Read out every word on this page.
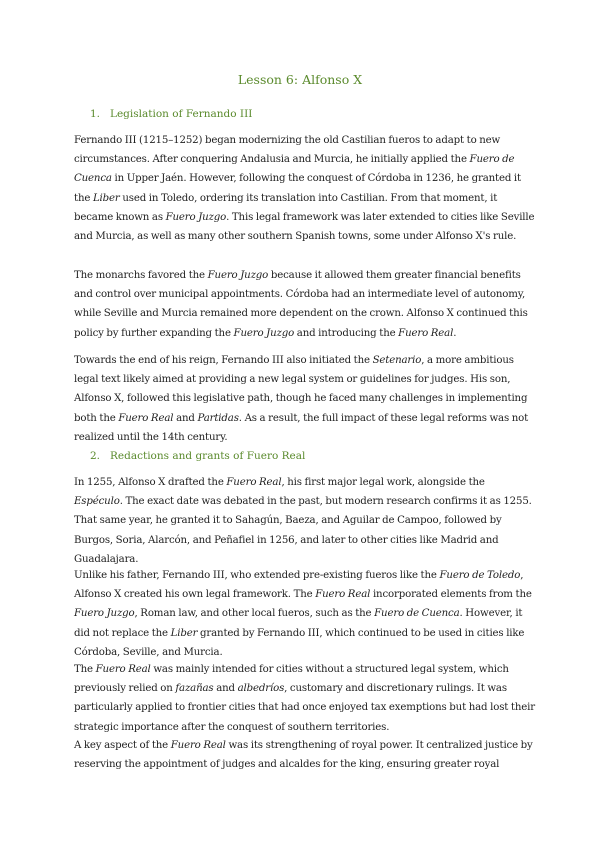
Lesson 6: Alfonso X
1. Legislation of Fernando III

Fernando III (1215–1252) began modernizing the old Castilian fueros to adapt to new circumstances. After conquering Andalusia and Murcia, he initially applied the Fuero de Cuenca in Upper Jaén. However, following the conquest of Córdoba in 1236, he granted it the Liber used in Toledo, ordering its translation into Castilian. From that moment, it became known as Fuero Juzgo. This legal framework was later extended to cities like Seville and Murcia, as well as many other southern Spanish towns, some under Alfonso X's rule.

The monarchs favored the Fuero Juzgo because it allowed them greater financial benefits and control over municipal appointments. Córdoba had an intermediate level of autonomy, while Seville and Murcia remained more dependent on the crown. Alfonso X continued this policy by further expanding the Fuero Juzgo and introducing the Fuero Real.

Towards the end of his reign, Fernando III also initiated the Setenario, a more ambitious legal text likely aimed at providing a new legal system or guidelines for judges. His son, Alfonso X, followed this legislative path, though he faced many challenges in implementing both the Fuero Real and Partidas. As a result, the full impact of these legal reforms was not realized until the 14th century.

2. Redactions and grants of Fuero Real

In 1255, Alfonso X drafted the Fuero Real, his first major legal work, alongside the Espéculo. The exact date was debated in the past, but modern research confirms it as 1255. That same year, he granted it to Sahagún, Baeza, and Aguilar de Campoo, followed by Burgos, Soria, Alarcón, and Peñafiel in 1256, and later to other cities like Madrid and Guadalajara.

Unlike his father, Fernando III, who extended pre-existing fueros like the Fuero de Toledo, Alfonso X created his own legal framework. The Fuero Real incorporated elements from the Fuero Juzgo, Roman law, and other local fueros, such as the Fuero de Cuenca. However, it did not replace the Liber granted by Fernando III, which continued to be used in cities like Córdoba, Seville, and Murcia.

The Fuero Real was mainly intended for cities without a structured legal system, which previously relied on fazañas and albedríos, customary and discretionary rulings. It was particularly applied to frontier cities that had once enjoyed tax exemptions but had lost their strategic importance after the conquest of southern territories.

A key aspect of the Fuero Real was its strengthening of royal power. It centralized justice by reserving the appointment of judges and alcaldes for the king, ensuring greater royal
